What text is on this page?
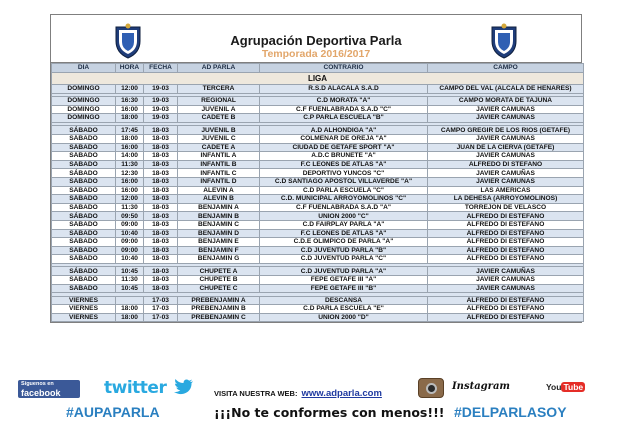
Agrupación Deportiva Parla
Temporada 2016/2017
DIA	HORA	FECHA	AD PARLA	CONTRARIO	CAMPO
LIGA					
DOMINGO	12:00	19-03	TERCERA	R.S.D ALACALÁ S.A.D	CAMPO DEL VAL (ALCALÁ DE HENARES)

DOMINGO	16:30	19-03	REGIONAL	C.D MORATA "A"	CAMPO MORATA DE TAJUÑA
DOMINGO	16:00	19-03	JUVENIL A	C.F FUENLABRADA S.A.D "C"	JAVIER CAMUÑAS
DOMINGO	18:00	19-03	CADETE B	C.P PARLA ESCUELA "B"	JAVIER CAMUÑAS

SÁBADO	17:45	18-03	JUVENIL B	A.D ALHONDIGA "A"	CAMPO GREGIR DE LOS RIOS (GETAFE)
SÁBADO	18:00	18-03	JUVENIL C	COLMENAR DE OREJA "A"	JAVIER CAMUÑAS
SÁBADO	16:00	18-03	CADETE A	CIUDAD DE GETAFE SPORT "A"	JUAN DE LA CIERVA (GETAFE)
SÁBADO	14:00	18-03	INFANTIL A	A.D.C BRUNETE "A"	JAVIER CAMUÑAS
SÁBADO	11:30	18-03	INFANTIL B	F.C LEONES DE ATLAS "A"	ALFREDO DI STEFANO
SÁBADO	12:30	18-03	INFANTIL C	DEPORTIVO YUNCOS "C"	JAVIER CAMUÑAS
SÁBADO	16:00	18-03	INFANTIL D	C.D SANTIAGO APOSTOL VILLAVERDE "A"	JAVIER CAMUÑAS
SÁBADO	16:00	18-03	ALEVIN A	C.D PARLA ESCUELA "C"	LAS AMERICAS
SÁBADO	12:00	18-03	ALEVIN B	C.D. MUNICIPAL ARROYOMOLINOS "C"	LA DEHESA (ARROYOMOLINOS)
SÁBADO	11:30	18-03	BENJAMIN A	C.F FUENLABRADA S.A.D "A"	TORREJON DE VELASCO
SÁBADO	09:50	18-03	BENJAMIN B	UNION 2000 "C"	ALFREDO DI ESTEFANO
SÁBADO	09:00	18-03	BENJAMIN C	C.D FAIRPLAY PARLA "A"	ALFREDO DI ESTEFANO
SÁBADO	10:40	18-03	BENJAMIN D	F.C LEONES DE ATLAS "A"	ALFREDO DI ESTEFANO
SÁBADO	09:00	18-03	BENJAMIN E	C.D.E OLIMPICO DE PARLA "A"	ALFREDO DI ESTEFANO
SÁBADO	09:00	18-03	BENJAMIN F	C.D JUVENTUD PARLA "B"	ALFREDO DI ESTEFANO
SÁBADO	10:40	18-03	BENJAMIN G	C.D JUVENTUD PARLA "C"	ALFREDO DI ESTEFANO

SÁBADO	10:45	18-03	CHUPETE A	C.D JUVENTUD PARLA "A"	JAVIER CAMUÑAS
SÁBADO	11:30	18-03	CHUPETE B	FEPE GETAFE III "A"	JAVIER CAMUÑAS
SÁBADO	10:45	18-03	CHUPETE C	FEPE GETAFE III "B"	JAVIER CAMUÑAS

VIERNES		17-03	PREBENJAMIN A	DESCANSA	ALFREDO DI ESTEFANO
VIERNES	18:00	17-03	PREBENJAMIN B	C.D PARLA ESCUELA "E"	ALFREDO DI ESTEFANO
VIERNES	18:00	17-03	PREBENJAMIN C	UNION 2000 "D"	ALFREDO DI ESTEFANO
Síguenos en
facebook	twitter	VISITA NUESTRA WEB: www.adparla.com
Instagram	You Tube
#AUPAPARLA	¡¡¡No te conformes con menos!!! #DELPARLASOY
